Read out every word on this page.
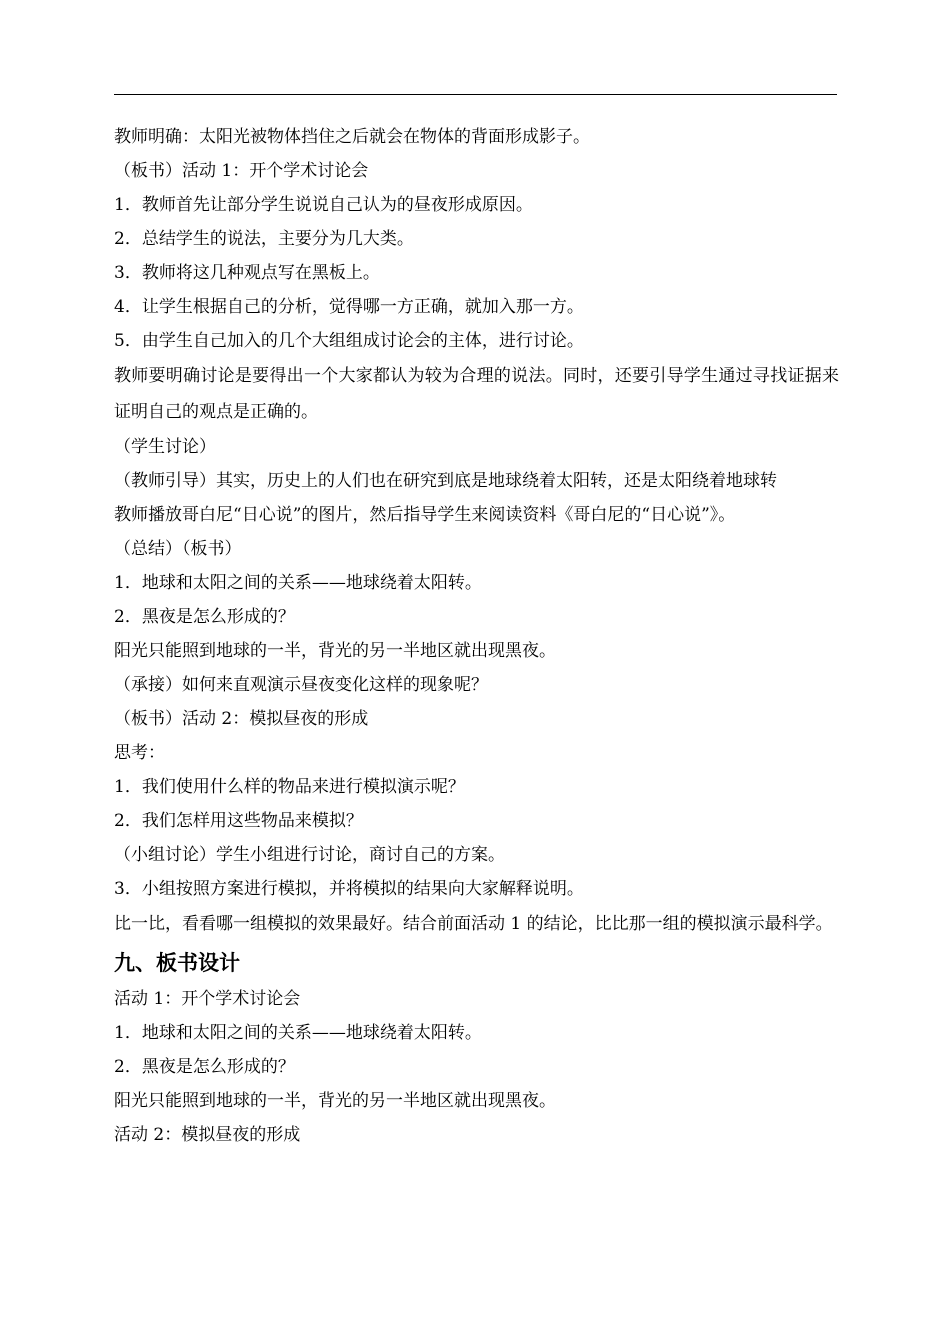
教师明确：太阳光被物体挡住之后就会在物体的背面形成影子。
（板书）活动 1：开个学术讨论会
1．教师首先让部分学生说说自己认为的昼夜形成原因。
2．总结学生的说法，主要分为几大类。
3．教师将这几种观点写在黑板上。
4．让学生根据自己的分析，觉得哪一方正确，就加入那一方。
5．由学生自己加入的几个大组组成讨论会的主体，进行讨论。
教师要明确讨论是要得出一个大家都认为较为合理的说法。同时，还要引导学生通过寻找证据来证明自己的观点是正确的。
（学生讨论）
（教师引导）其实，历史上的人们也在研究到底是地球绕着太阳转，还是太阳绕着地球转
教师播放哥白尼“日心说”的图片，然后指导学生来阅读资料《哥白尼的“日心说”》。
（总结）（板书）
1．地球和太阳之间的关系——地球绕着太阳转。
2．黑夜是怎么形成的？
阳光只能照到地球的一半，背光的另一半地区就出现黑夜。
（承接）如何来直观演示昼夜变化这样的现象呢？
（板书）活动 2：模拟昼夜的形成
思考：
1．我们使用什么样的物品来进行模拟演示呢？
2．我们怎样用这些物品来模拟？
（小组讨论）学生小组进行讨论，商讨自己的方案。
3．小组按照方案进行模拟，并将模拟的结果向大家解释说明。
比一比，看看哪一组模拟的效果最好。结合前面活动 1 的结论，比比那一组的模拟演示最科学。
九、板书设计
活动 1：开个学术讨论会
1．地球和太阳之间的关系——地球绕着太阳转。
2．黑夜是怎么形成的？
阳光只能照到地球的一半，背光的另一半地区就出现黑夜。
活动 2：模拟昼夜的形成
